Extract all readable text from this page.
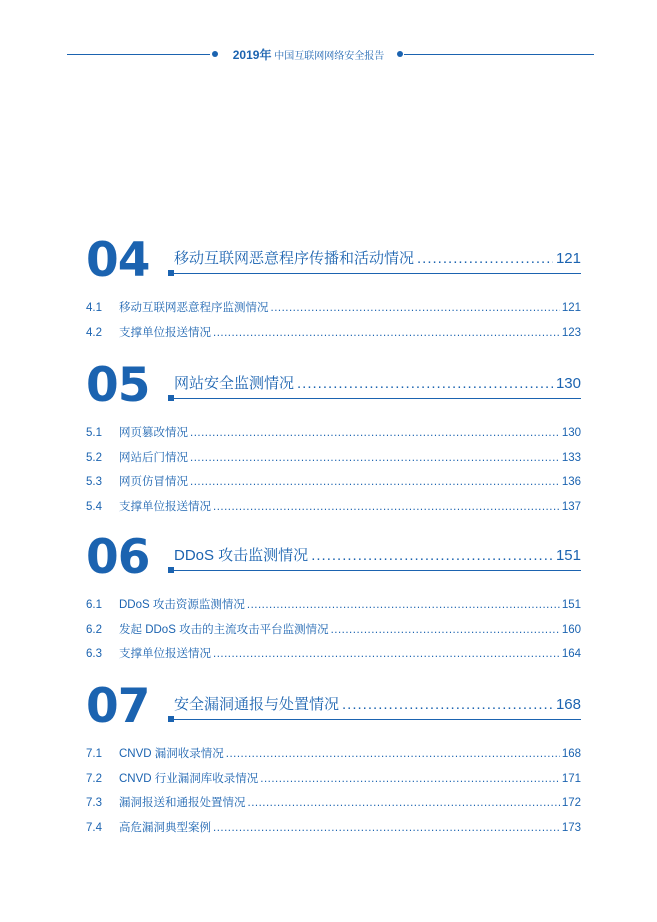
2019年 中国互联网网络安全报告
04 移动互联网恶意程序传播和活动情况 .....	121
4.1	移动互联网恶意程序监测情况 .....	121
4.2	支撑单位报送情况 .....	123
05 网站安全监测情况 .....	130
5.1	网页篡改情况 .....	130
5.2	网站后门情况 .....	133
5.3	网页仿冒情况 .....	136
5.4	支撑单位报送情况 .....	137
06 DDoS 攻击监测情况 .....	151
6.1	DDoS 攻击资源监测情况 .....	151
6.2	发起 DDoS 攻击的主流攻击平台监测情况 .....	160
6.3	支撑单位报送情况 .....	164
07 安全漏洞通报与处置情况 .....	168
7.1	CNVD 漏洞收录情况 .....	168
7.2	CNVD 行业漏洞库收录情况 .....	171
7.3	漏洞报送和通报处置情况 .....	172
7.4	高危漏洞典型案例 .....	173
